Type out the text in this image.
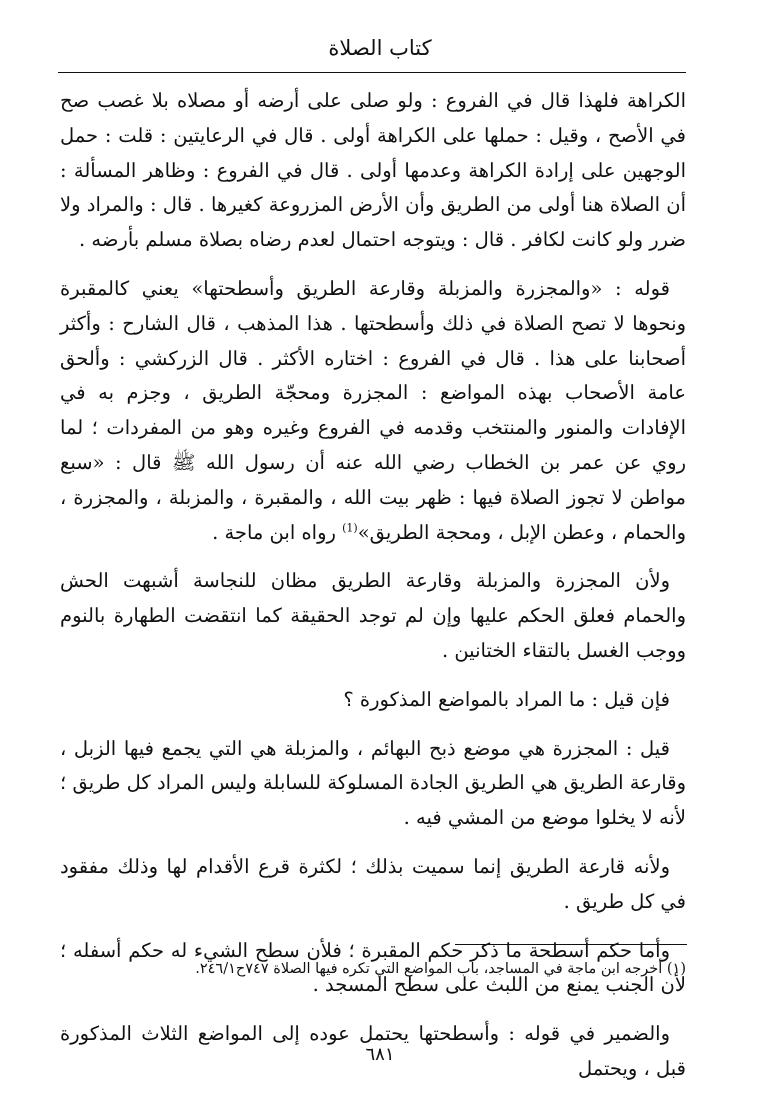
كتاب الصلاة

الكراهة فلهذا قال في الفروع : ولو صلى على أرضه أو مصلاه بلا غصب صح في الأصح ، وقيل : حملها على الكراهة أولى . قال في الرعايتين : قلت : حمل الوجهين على إرادة الكراهة وعدمها أولى . قال في الفروع : وظاهر المسألة : أن الصلاة هنا أولى من الطريق وأن الأرض المزروعة كغيرها . قال : والمراد ولا ضرر ولو كانت لكافر . قال : ويتوجه احتمال لعدم رضاه بصلاة مسلم بأرضه .

قوله : «والمجزرة والمزبلة وقارعة الطريق وأسطحتها» يعني كالمقبرة ونحوها لا تصح الصلاة في ذلك وأسطحتها . هذا المذهب ، قال الشارح : وأكثر أصحابنا على هذا . قال في الفروع : اختاره الأكثر . قال الزركشي : وألحق عامة الأصحاب بهذه المواضع : المجزرة ومحجّة الطريق ، وجزم به في الإفادات والمنور والمنتخب وقدمه في الفروع وغيره وهو من المفردات ؛ لما روي عن عمر بن الخطاب رضي الله عنه أن رسول الله ﷺ قال : «سبع مواطن لا تجوز الصلاة فيها : ظهر بيت الله ، والمقبرة ، والمزبلة ، والمجزرة ، والحمام ، وعطن الإبل ، ومحجة الطريق»$^{(1)}$ رواه ابن ماجة .

ولأن المجزرة والمزبلة وقارعة الطريق مظان للنجاسة أشبهت الحش والحمام فعلق الحكم عليها وإن لم توجد الحقيقة كما انتقضت الطهارة بالنوم ووجب الغسل بالتقاء الختانين .

فإن قيل : ما المراد بالمواضع المذكورة ؟

قيل : المجزرة هي موضع ذبح البهائم ، والمزبلة هي التي يجمع فيها الزبل ، وقارعة الطريق هي الطريق الجادة المسلوكة للسابلة وليس المراد كل طريق ؛ لأنه لا يخلوا موضع من المشي فيه .

ولأنه قارعة الطريق إنما سميت بذلك ؛ لكثرة قرع الأقدام لها وذلك مفقود في كل طريق .

وأما حكم أسطحة ما ذكر حكم المقبرة ؛ فلأن سطح الشيء له حكم أسفله ؛ لأن الجنب يمنع من اللبث على سطح المسجد .

والضمير في قوله : وأسطحتها يحتمل عوده إلى المواضع الثلاث المذكورة قبل ، ويحتمل

(١) أخرجه ابن ماجة في المساجد، باب المواضع التي تكره فيها الصلاة ٧٤٧ح٢٤٦/١.
٦٨١
